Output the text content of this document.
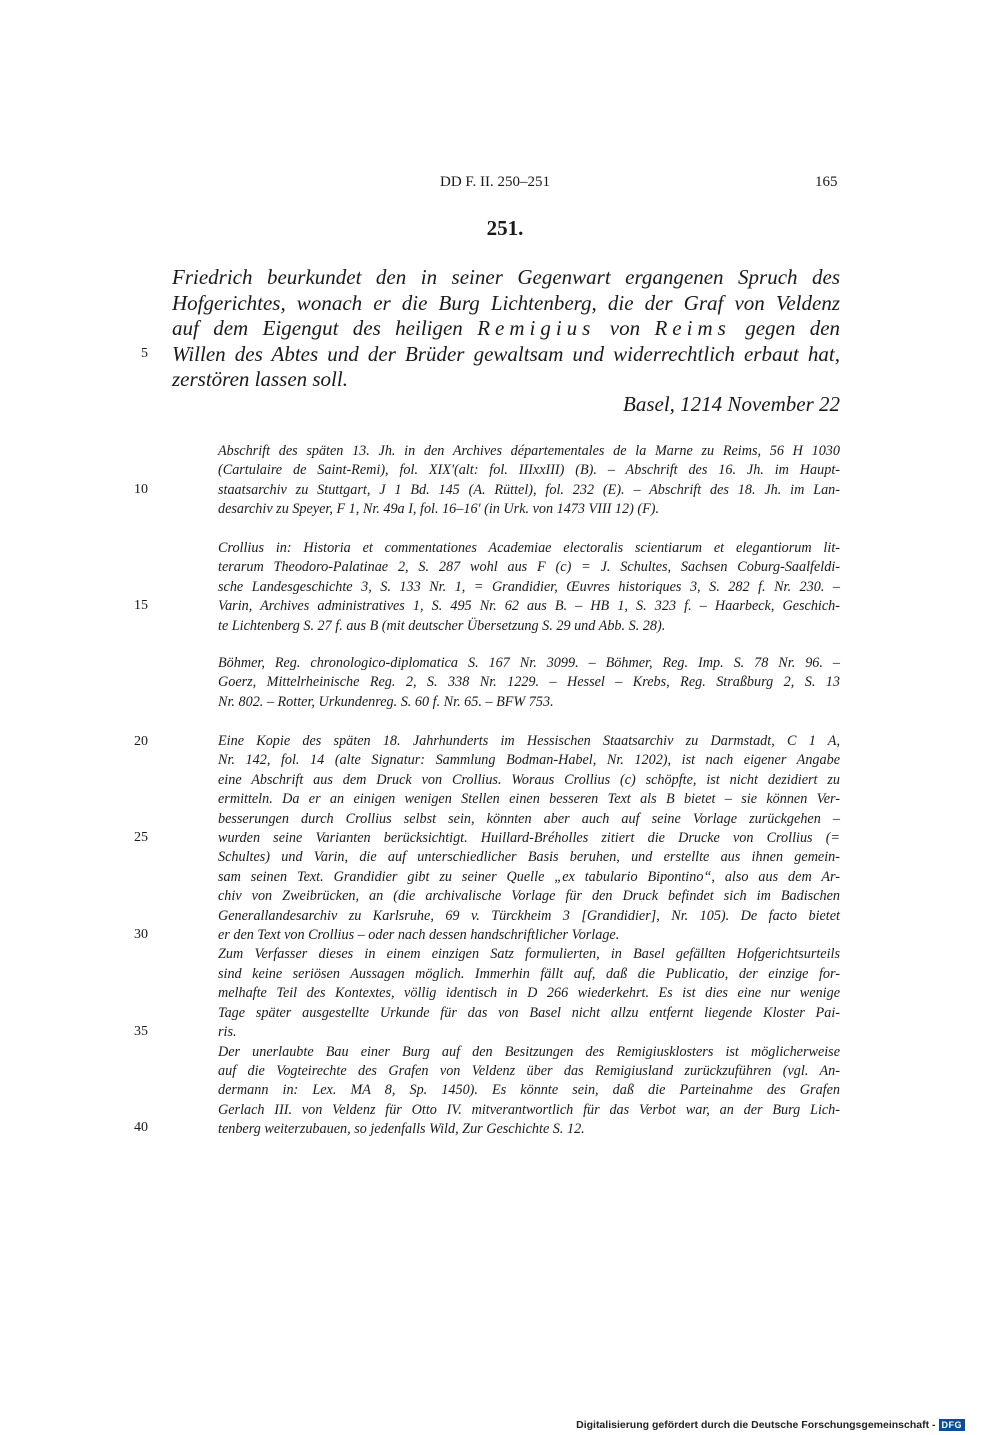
DD F. II. 250–251	165
251.
Friedrich beurkundet den in seiner Gegenwart ergangenen Spruch des
Hofgerichtes, wonach er die Burg Lichtenberg, die der Graf von Veldenz
auf dem Eigengut des heiligen Remigius von Reims gegen den
Willen des Abtes und der Brüder gewaltsam und widerrechtlich erbaut hat,
zerstören lassen soll.
Basel, 1214 November 22
5
10
15
20
25
30
35
40
Abschrift des späten 13. Jh. in den Archives départementales de la Marne zu Reims, 56 H 1030
(Cartulaire de Saint-Remi), fol. XIX'(alt: fol. IIIxxIII) (B). – Abschrift des 16. Jh. im Haupt-
staatsarchiv zu Stuttgart, J 1 Bd. 145 (A. Rüttel), fol. 232 (E). – Abschrift des 18. Jh. im Lan-
desarchiv zu Speyer, F 1, Nr. 49a I, fol. 16–16' (in Urk. von 1473 VIII 12) (F).
Crollius in: Historia et commentationes Academiae electoralis scientiarum et elegantiorum lit-
terarum Theodoro-Palatinae 2, S. 287 wohl aus F (c) = J. Schultes, Sachsen Coburg-Saalfeldi-
sche Landesgeschichte 3, S. 133 Nr. 1, = Grandidier, Œuvres historiques 3, S. 282 f. Nr. 230. –
Varin, Archives administratives 1, S. 495 Nr. 62 aus B. – HB 1, S. 323 f. – Haarbeck, Geschich-
te Lichtenberg S. 27 f. aus B (mit deutscher Übersetzung S. 29 und Abb. S. 28).
Böhmer, Reg. chronologico-diplomatica S. 167 Nr. 3099. – Böhmer, Reg. Imp. S. 78 Nr. 96. –
Goerz, Mittelrheinische Reg. 2, S. 338 Nr. 1229. – Hessel – Krebs, Reg. Straßburg 2, S. 13
Nr. 802. – Rotter, Urkundenreg. S. 60 f. Nr. 65. – BFW 753.
Eine Kopie des späten 18. Jahrhunderts im Hessischen Staatsarchiv zu Darmstadt, C 1 A,
Nr. 142, fol. 14 (alte Signatur: Sammlung Bodman-Habel, Nr. 1202), ist nach eigener Angabe
eine Abschrift aus dem Druck von Crollius. Woraus Crollius (c) schöpfte, ist nicht dezidiert zu
ermitteln. Da er an einigen wenigen Stellen einen besseren Text als B bietet – sie können Ver-
besserungen durch Crollius selbst sein, könnten aber auch auf seine Vorlage zurückgehen –
wurden seine Varianten berücksichtigt. Huillard-Bréholles zitiert die Drucke von Crollius (=
Schultes) und Varin, die auf unterschiedlicher Basis beruhen, und erstellte aus ihnen gemein-
sam seinen Text. Grandidier gibt zu seiner Quelle „ex tabulario Bipontino“, also aus dem Ar-
chiv von Zweibrücken, an (die archivalische Vorlage für den Druck befindet sich im Badischen
Generallandesarchiv zu Karlsruhe, 69 v. Türckheim 3 [Grandidier], Nr. 105). De facto bietet
er den Text von Crollius – oder nach dessen handschriftlicher Vorlage.
Zum Verfasser dieses in einem einzigen Satz formulierten, in Basel gefällten Hofgerichtsurteils
sind keine seriösen Aussagen möglich. Immerhin fällt auf, daß die Publicatio, der einzige for-
melhafte Teil des Kontextes, völlig identisch in D 266 wiederkehrt. Es ist dies eine nur wenige
Tage später ausgestellte Urkunde für das von Basel nicht allzu entfernt liegende Kloster Pai-
ris.
Der unerlaubte Bau einer Burg auf den Besitzungen des Remigiusklosters ist möglicherweise
auf die Vogteirechte des Grafen von Veldenz über das Remigiusland zurückzuführen (vgl. An-
dermann in: Lex. MA 8, Sp. 1450). Es könnte sein, daß die Parteinahme des Grafen
Gerlach III. von Veldenz für Otto IV. mitverantwortlich für das Verbot war, an der Burg Lich-
tenberg weiterzubauen, so jedenfalls Wild, Zur Geschichte S. 12.
Digitalisierung gefördert durch die Deutsche Forschungsgemeinschaft - DFG
